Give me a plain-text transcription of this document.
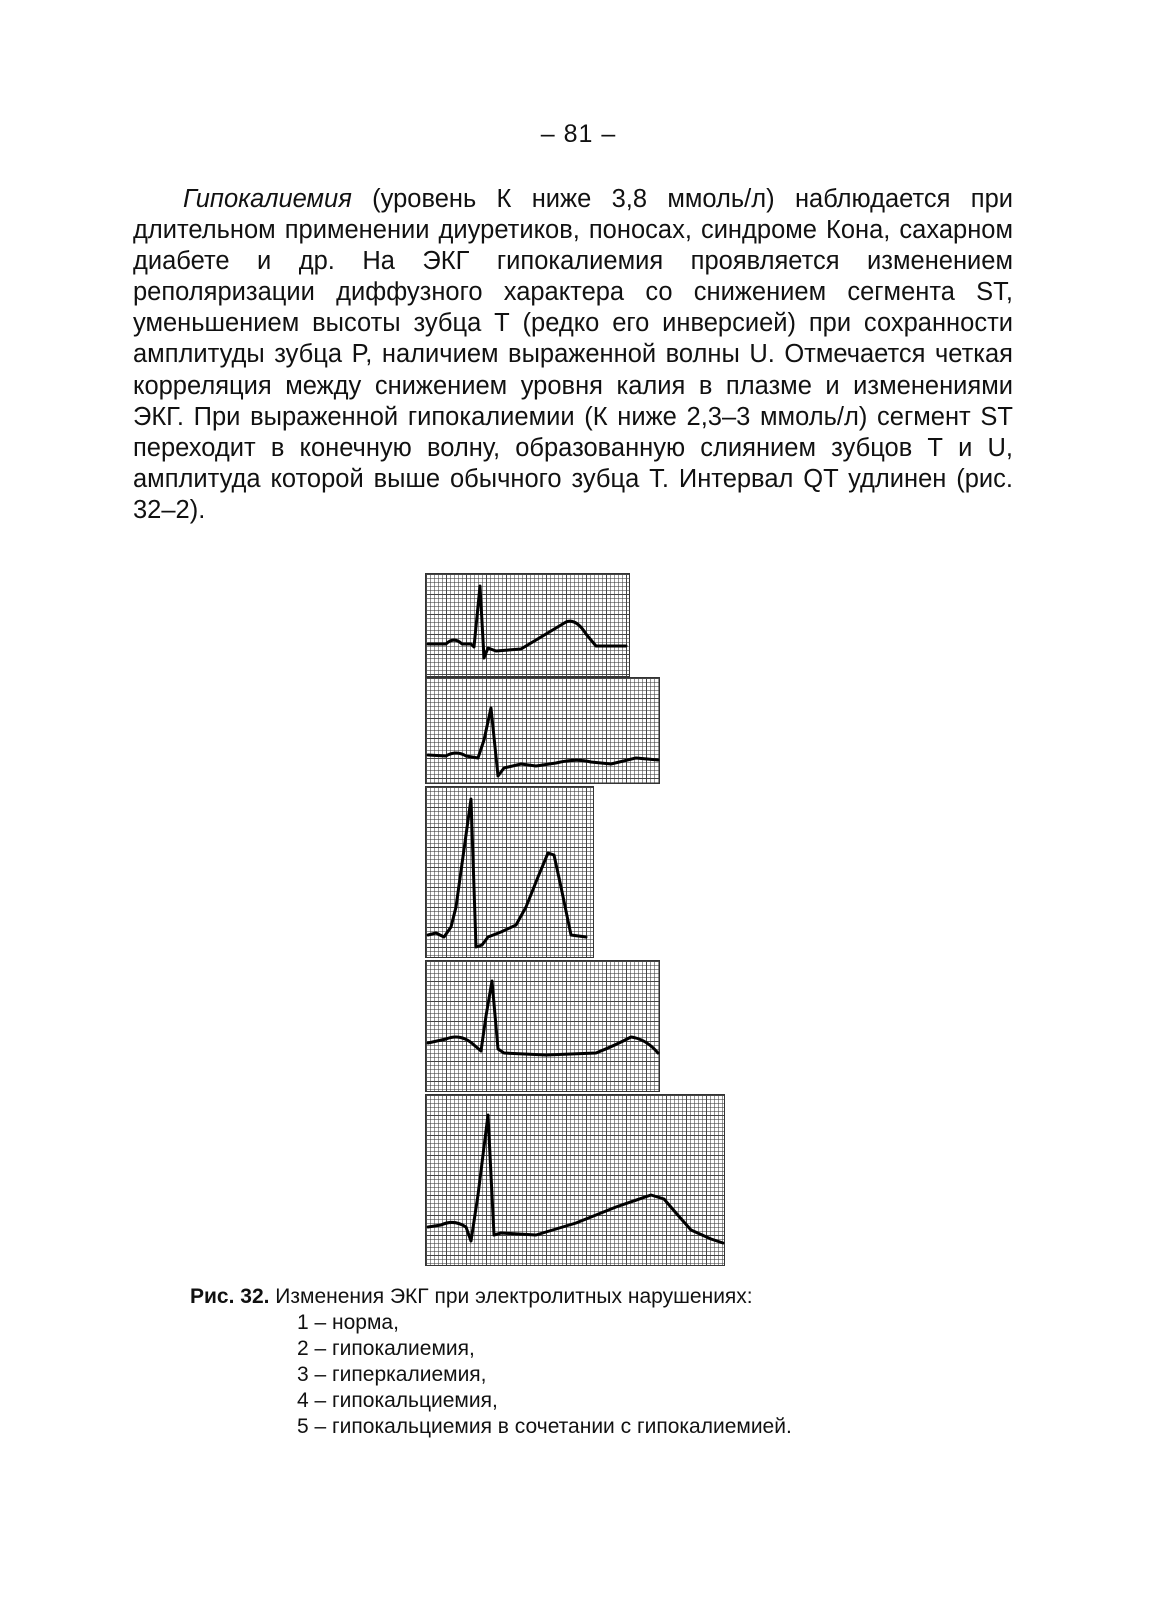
– 81 –

Гипокалиемия (уровень К ниже 3,8 ммоль/л) наблюдается при длительном применении диуретиков, поносах, синдроме Кона, сахарном диабете и др. На ЭКГ гипокалиемия проявляется изменением реполяризации диффузного характера со снижением сегмента ST, уменьшением высоты зубца Т (редко его инверсией) при сохранности амплитуды зубца P, наличием выраженной волны U. Отмечается четкая корреляция между снижением уровня калия в плазме и изменениями ЭКГ. При выраженной гипокалиемии (К ниже 2,3–3 ммоль/л) сегмент ST переходит в конечную волну, образованную слиянием зубцов Т и U, амплитуда которой выше обычного зубца Т. Интервал QT удлинен (рис. 32–2).

Рис. 32. Изменения ЭКГ при электролитных нарушениях:
1 – норма,
2 – гипокалиемия,
3 – гиперкалиемия,
4 – гипокальциемия,
5 – гипокальциемия в сочетании с гипокалиемией.
